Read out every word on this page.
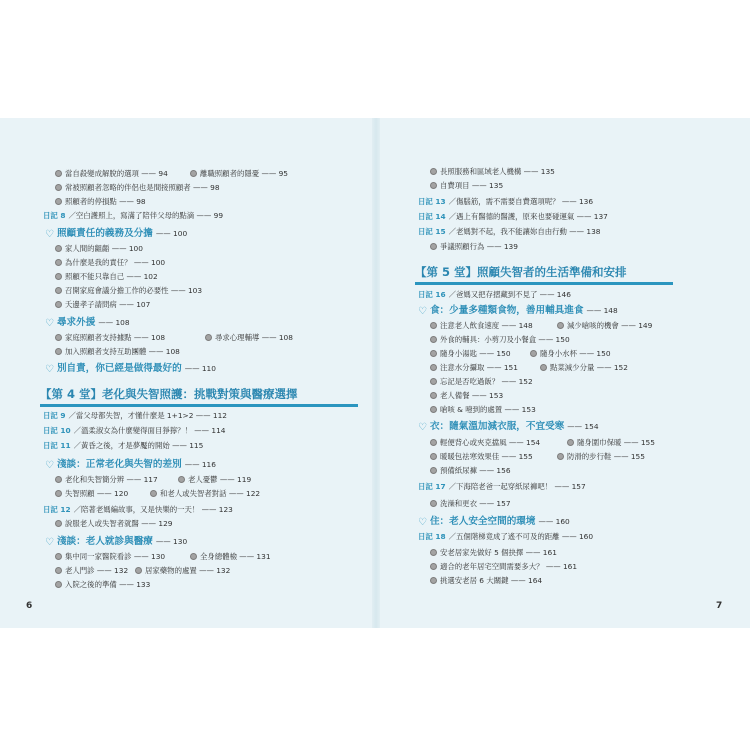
當自殺變成解脫的選項 —— 94	離職照顧者的隱憂 —— 95
常被照顧者忽略的伴侶也是間接照顧者 —— 98
照顧者的停損點 —— 98
日記 8 ／空白護照上，寫滿了陪伴父母的點滴 —— 99
♡ 照顧責任的義務及分擔 —— 100
家人間的齟齬 —— 100
為什麼是我的責任？ —— 100
照顧不能只靠自己 —— 102
召開家庭會議分擔工作的必要性 —— 103
夭邊孝子請問病 —— 107
♡ 尋求外援 —— 108
家庭照顧者支持據點 —— 108	尋求心理輔導 —— 108
加入照顧者支持互助團體 —— 108
♡ 別自責，你已經是做得最好的 —— 110
【第 4 堂】老化與失智照護：挑戰對策與醫療選擇
日記 9 ／當父母都失智，才懂什麼是 1+1>2 —— 112
日記 10 ／溫柔淑女為什麼變得面目猙獰？！ —— 114
日記 11 ／黃昏之後，才是夢魘的開始 —— 115
♡ 淺談：正常老化與失智的差別 —— 116
老化和失智簡分辨 —— 117	老人憂鬱 —— 119
失智照顧 —— 120	和老人或失智者對話 —— 122
日記 12 ／陪著老媽編故事，又是快樂的一天！ —— 123
說服老人或失智者就醫 —— 129
♡ 淺談：老人就診與醫療 —— 130
集中同一家醫院看診 —— 130	全身總體檢 —— 131
老人門診 —— 132	居家藥物的處置 —— 132
入院之後的準備 —— 133
6
長照服務和區域老人機構 —— 135
自費項目 —— 135
日記 13 ／傷腦筋，需不需要自費選項呢？ —— 136
日記 14 ／遇上有醫德的醫護，原來也要碰運氣 —— 137
日記 15 ／老媽對不起，我不能讓妳自由行動 —— 138
爭議照顧行為 —— 139
【第 5 堂】照顧失智者的生活準備和安排
日記 16 ／爸媽又把存摺藏到不見了 —— 146
♡ 食：少量多種類食物，善用輔具進食 —— 148
注意老人飲食速度 —— 148	減少嗆咳的機會 —— 149
外食的輔具：小剪刀及小餐盒 —— 150
隨身小湯匙 —— 150	隨身小水杯 —— 150
注意水分攝取 —— 151	點菜減少分量 —— 152
忘記是否吃過飯？ —— 152
老人備餐 —— 153
嗆咳 & 噎到的處置 —— 153
♡ 衣：隨氣溫加減衣服，不宜受寒 —— 154
輕便背心或夾克擋風 —— 154	隨身圍巾保暖 —— 155
暖暖包祛寒效果佳 —— 155	防滑的步行鞋 —— 155
預備紙尿褲 —— 156
日記 17 ／下海陪老爸一起穿紙尿褲吧！ —— 157
洗澡和更衣 —— 157
♡ 住：老人安全空間的環境 —— 160
日記 18 ／五個階梯竟成了遙不可及的距離 —— 160
安老居家先做好 5 個抉擇 —— 161
適合的老年居宅空間需要多大？ —— 161
挑選安老居 6 大關鍵 —— 164
7
